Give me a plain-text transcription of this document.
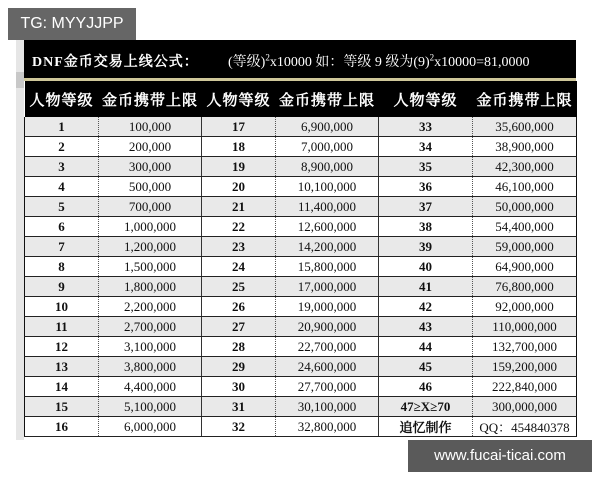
TG: MYYJJPP
DNF金币交易上线公式： (等级)$^2$x10000 如：等级 9 级为$(9)^2x10000=81,0000$
人物等级	金币携带上限	人物等级	金币携带上限	人物等级	金币携带上限
1	100,000	17	6,900,000	33	35,600,000
2	200,000	18	7,000,000	34	38,900,000
3	300,000	19	8,900,000	35	42,300,000
4	500,000	20	10,100,000	36	46,100,000
5	700,000	21	11,400,000	37	50,000,000
6	1,000,000	22	12,600,000	38	54,400,000
7	1,200,000	23	14,200,000	39	59,000,000
8	1,500,000	24	15,800,000	40	64,900,000
9	1,800,000	25	17,000,000	41	76,800,000
10	2,200,000	26	19,000,000	42	92,000,000
11	2,700,000	27	20,900,000	43	110,000,000
12	3,100,000	28	22,700,000	44	132,700,000
13	3,800,000	29	24,600,000	45	159,200,000
14	4,400,000	30	27,700,000	46	222,840,000
15	5,100,000	31	30,100,000	47≥X≥70	300,000,000
16	6,000,000	32	32,800,000	追忆制作	QQ：454840378
www.fucai-ticai.com
